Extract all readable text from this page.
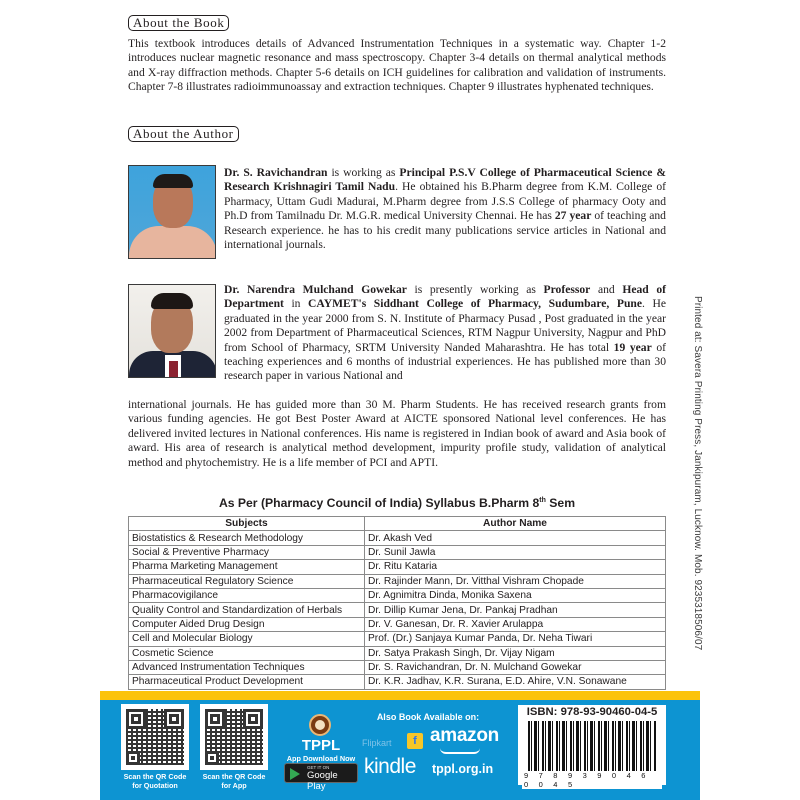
About the Book
This textbook introduces details of Advanced Instrumentation Techniques in a systematic way. Chapter 1-2 introduces nuclear magnetic resonance and mass spectroscopy. Chapter 3-4 details on thermal analytical methods and X-ray diffraction methods. Chapter 5-6 details on ICH guidelines for calibration and validation of instruments. Chapter 7-8 illustrates radioimmunoassay and extraction techniques. Chapter 9 illustrates hyphenated techniques.
About the Author
Dr. S. Ravichandran is working as Principal P.S.V College of Pharmaceutical Science & Research Krishnagiri Tamil Nadu. He obtained his B.Pharm degree from K.M. College of Pharmacy, Uttam Gudi Madurai, M.Pharm degree from J.S.S College of pharmacy Ooty and Ph.D from Tamilnadu Dr. M.G.R. medical University Chennai. He has 27 year of teaching and Research experience. he has to his credit many publications service articles in National and international journals.
Dr. Narendra Mulchand Gowekar is presently working as Professor and Head of Department in CAYMET's Siddhant College of Pharmacy, Sudumbare, Pune. He graduated in the year 2000 from S. N. Institute of Pharmacy Pusad , Post graduated in the year 2002 from Department of Pharmaceutical Sciences, RTM Nagpur University, Nagpur and PhD from School of Pharmacy, SRTM University Nanded Maharashtra. He has total 19 year of teaching experiences and 6 months of industrial experiences. He has published more than 30 research paper in various National and
international journals. He has guided more than 30 M. Pharm Students. He has received research grants from various funding agencies. He got Best Poster Award at AICTE sponsored National level conferences. He has delivered invited lectures in National conferences. His name is registered in Indian book of award and Asia book of award. His area of research is analytical method development, impurity profile study, validation of analytical method and phytochemistry. He is a life member of PCI and APTI.
As Per (Pharmacy Council of India) Syllabus B.Pharm 8th Sem
Subjects	Author Name
Biostatistics & Research Methodology	Dr. Akash Ved
Social & Preventive Pharmacy	Dr. Sunil Jawla
Pharma Marketing Management	Dr. Ritu Kataria
Pharmaceutical Regulatory Science	Dr. Rajinder Mann, Dr. Vitthal Vishram Chopade
Pharmacovigilance	Dr. Agnimitra Dinda, Monika Saxena
Quality Control and Standardization of Herbals	Dr. Dillip Kumar Jena, Dr. Pankaj Pradhan
Computer Aided Drug Design	Dr. V. Ganesan, Dr. R. Xavier Arulappa
Cell and Molecular Biology	Prof. (Dr.) Sanjaya Kumar Panda, Dr. Neha Tiwari
Cosmetic Science	Dr. Satya Prakash Singh, Dr. Vijay Nigam
Advanced Instrumentation Techniques	Dr. S. Ravichandran, Dr. N. Mulchand Gowekar
Pharmaceutical Product Development	Dr. K.R. Jadhav, K.R. Surana, E.D. Ahire, V.N. Sonawane
Printed at: Savera Printing Press, Jankipuram, Lucknow. Mob. 9235318506/07
Scan the QR Code
for Quotation
Scan the QR Code
for App
TPPL
App Download Now
GET IT ON
Google Play
Also Book Available on:
Flipkart	f amazon
kindle tppl.org.in
ISBN: 978-93-90460-04-5
9 7 8 9 3 9 0 4 6 0 0 4 5
